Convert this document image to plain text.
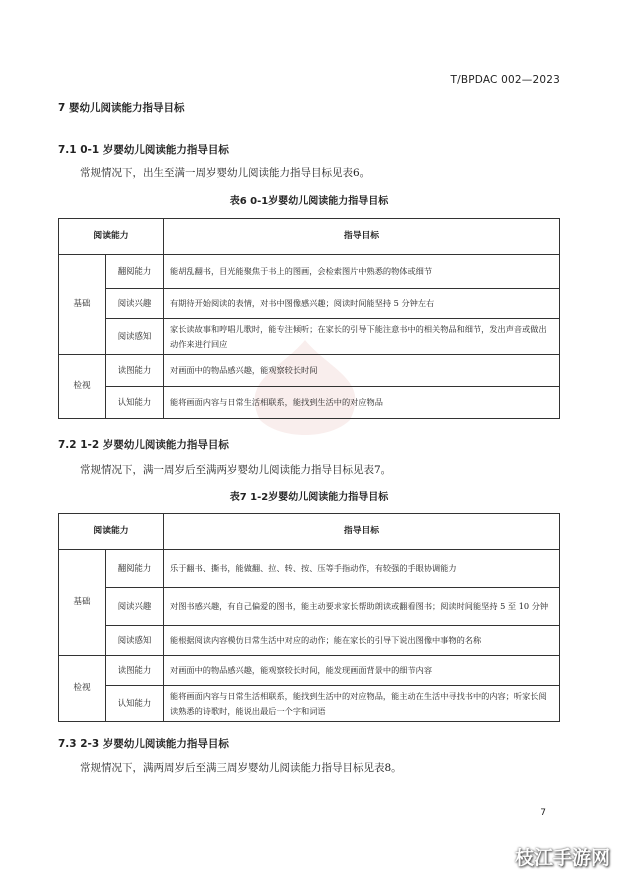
T/BPDAC 002—2023
7 婴幼儿阅读能力指导目标
7.1 0-1 岁婴幼儿阅读能力指导目标
常规情况下，出生至满一周岁婴幼儿阅读能力指导目标见表6。
表6 0-1岁婴幼儿阅读能力指导目标
阅读能力		指导目标
基础	翻阅能力	能胡乱翻书，目光能聚焦于书上的图画，会检索图片中熟悉的物体或细节
	阅读兴趣	有期待开始阅读的表情，对书中图像感兴趣；阅读时间能坚持 5 分钟左右
	阅读感知	家长读故事和哼唱儿歌时，能专注倾听；在家长的引导下能注意书中的相关物品和细节，发出声音或做出动作来进行回应
检视	读图能力	对画面中的物品感兴趣，能观察较长时间
	认知能力	能将画面内容与日常生活相联系，能找到生活中的对应物品
7.2 1-2 岁婴幼儿阅读能力指导目标
常规情况下，满一周岁后至满两岁婴幼儿阅读能力指导目标见表7。
表7 1-2岁婴幼儿阅读能力指导目标
阅读能力		指导目标
基础	翻阅能力	乐于翻书、撕书，能做翻、拉、转、按、压等手指动作，有较强的手眼协调能力
	阅读兴趣	对图书感兴趣，有自己偏爱的图书，能主动要求家长帮助朗读或翻看图书；阅读时间能坚持 5 至 10 分钟
	阅读感知	能根据阅读内容模仿日常生活中对应的动作；能在家长的引导下说出图像中事物的名称
检视	读图能力	对画面中的物品感兴趣，能观察较长时间，能发现画面背景中的细节内容
	认知能力	能将画面内容与日常生活相联系，能找到生活中的对应物品，能主动在生活中寻找书中的内容；听家长阅读熟悉的诗歌时，能说出最后一个字和词语
7.3 2-3 岁婴幼儿阅读能力指导目标
常规情况下，满两周岁后至满三周岁婴幼儿阅读能力指导目标见表8。
7
枝江手游网
